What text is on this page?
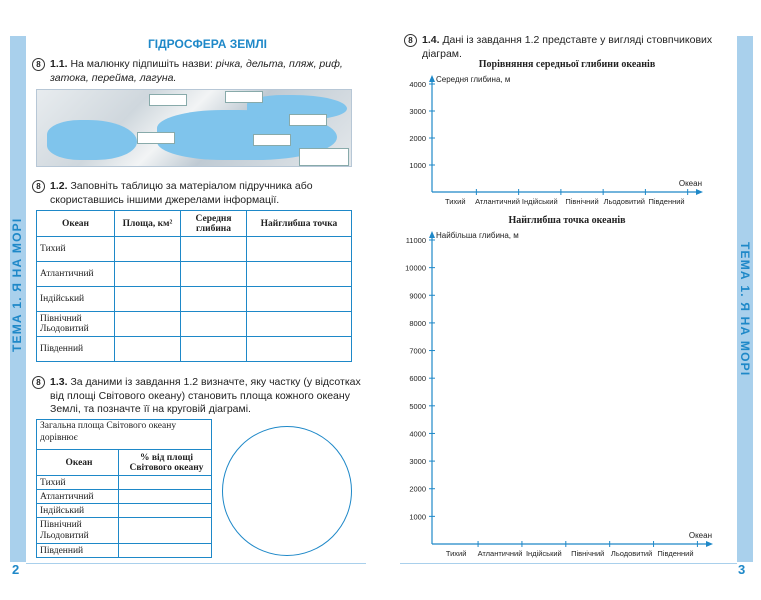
ТЕМА 1. Я НА МОРІ	ТЕМА 1. Я НА МОРІ
2	3
ГІДРОСФЕРА ЗЕМЛІ
8 1.1. На малюнку підпишіть назви: річка, дельта, пляж, риф, затока, перейма, лагуна.
8 1.2. Заповніть таблицю за матеріалом підручника або скориставшись іншими джерелами інформації.
Океан	Площа, км²	Середня глибина	Найглибша точка
Тихий			
Атлантичний			
Індійський			
Північний Льодовитий			
Південний			
8 1.3. За даними із завдання 1.2 визначте, яку частку (у відсотках від площі Світового океану) становить площа кожного океану Землі, та позначте її на круговій діаграмі.
Загальна площа Світового океану дорівнює	
Океан	% від площі Світового океану
Тихий	
Атлантичний	
Індійський	
Північний Льодовитий	
Південний	
8 1.4. Дані із завдання 1.2 представте у вигляді стовпчикових діаграм.
Порівняння середньої глибини океанів
Середня глибина, м
Океан
1000
2000
3000
4000
Тихий Атлантичний Індійський Північний Льодовитий Південний
Найглибша точка океанів
Найбільша глибина, м
Океан
1000
2000
3000
4000
5000
6000
7000
8000
9000
10000
11000
Тихий Атлантичний Індійський Північний Льодовитий Південний
